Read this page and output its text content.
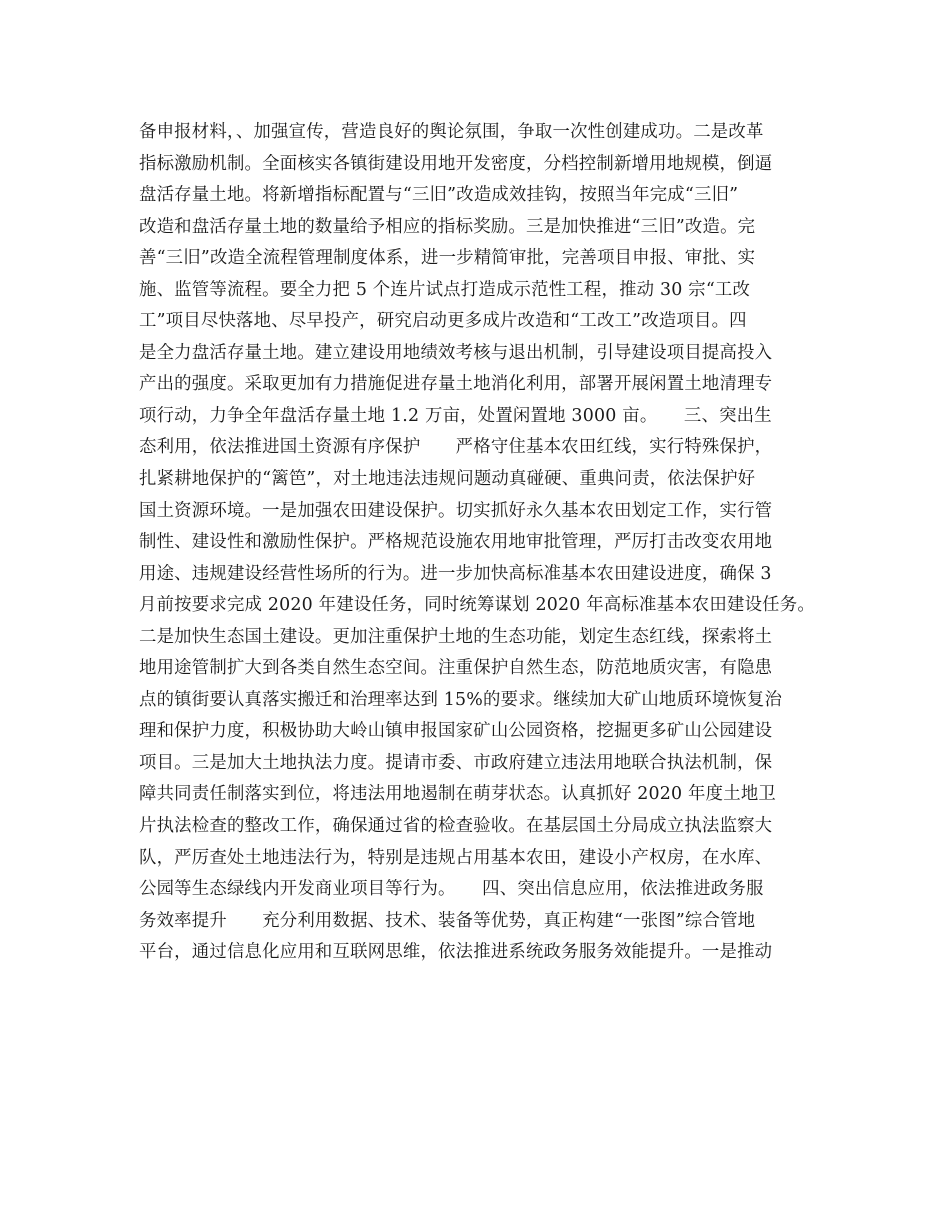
备申报材料，、加强宣传，营造良好的舆论氛围，争取一次性创建成功。二是改革
指标激励机制。全面核实各镇街建设用地开发密度，分档控制新增用地规模，倒逼
盘活存量土地。将新增指标配置与“三旧”改造成效挂钩，按照当年完成“三旧”
改造和盘活存量土地的数量给予相应的指标奖励。三是加快推进“三旧”改造。完
善“三旧”改造全流程管理制度体系，进一步精简审批，完善项目申报、审批、实
施、监管等流程。要全力把 5 个连片试点打造成示范性工程，推动 30 宗“工改
工”项目尽快落地、尽早投产，研究启动更多成片改造和“工改工”改造项目。四
是全力盘活存量土地。建立建设用地绩效考核与退出机制，引导建设项目提高投入
产出的强度。采取更加有力措施促进存量土地消化利用，部署开展闲置土地清理专
项行动，力争全年盘活存量土地 1.2 万亩，处置闲置地 3000 亩。　　三、突出生
态利用，依法推进国土资源有序保护　　严格守住基本农田红线，实行特殊保护，
扎紧耕地保护的“篱笆”，对土地违法违规问题动真碰硬、重典问责，依法保护好
国土资源环境。一是加强农田建设保护。切实抓好永久基本农田划定工作，实行管
制性、建设性和激励性保护。严格规范设施农用地审批管理，严厉打击改变农用地
用途、违规建设经营性场所的行为。进一步加快高标准基本农田建设进度，确保 3
月前按要求完成 2020 年建设任务，同时统筹谋划 2020 年高标准基本农田建设任务。
二是加快生态国土建设。更加注重保护土地的生态功能，划定生态红线，探索将土
地用途管制扩大到各类自然生态空间。注重保护自然生态，防范地质灾害，有隐患
点的镇街要认真落实搬迁和治理率达到 15%的要求。继续加大矿山地质环境恢复治
理和保护力度，积极协助大岭山镇申报国家矿山公园资格，挖掘更多矿山公园建设
项目。三是加大土地执法力度。提请市委、市政府建立违法用地联合执法机制，保
障共同责任制落实到位，将违法用地遏制在萌芽状态。认真抓好 2020 年度土地卫
片执法检查的整改工作，确保通过省的检查验收。在基层国土分局成立执法监察大
队，严厉查处土地违法行为，特别是违规占用基本农田，建设小产权房，在水库、
公园等生态绿线内开发商业项目等行为。　　四、突出信息应用，依法推进政务服
务效率提升　　充分利用数据、技术、装备等优势，真正构建“一张图”综合管地
平台，通过信息化应用和互联网思维，依法推进系统政务服务效能提升。一是推动
